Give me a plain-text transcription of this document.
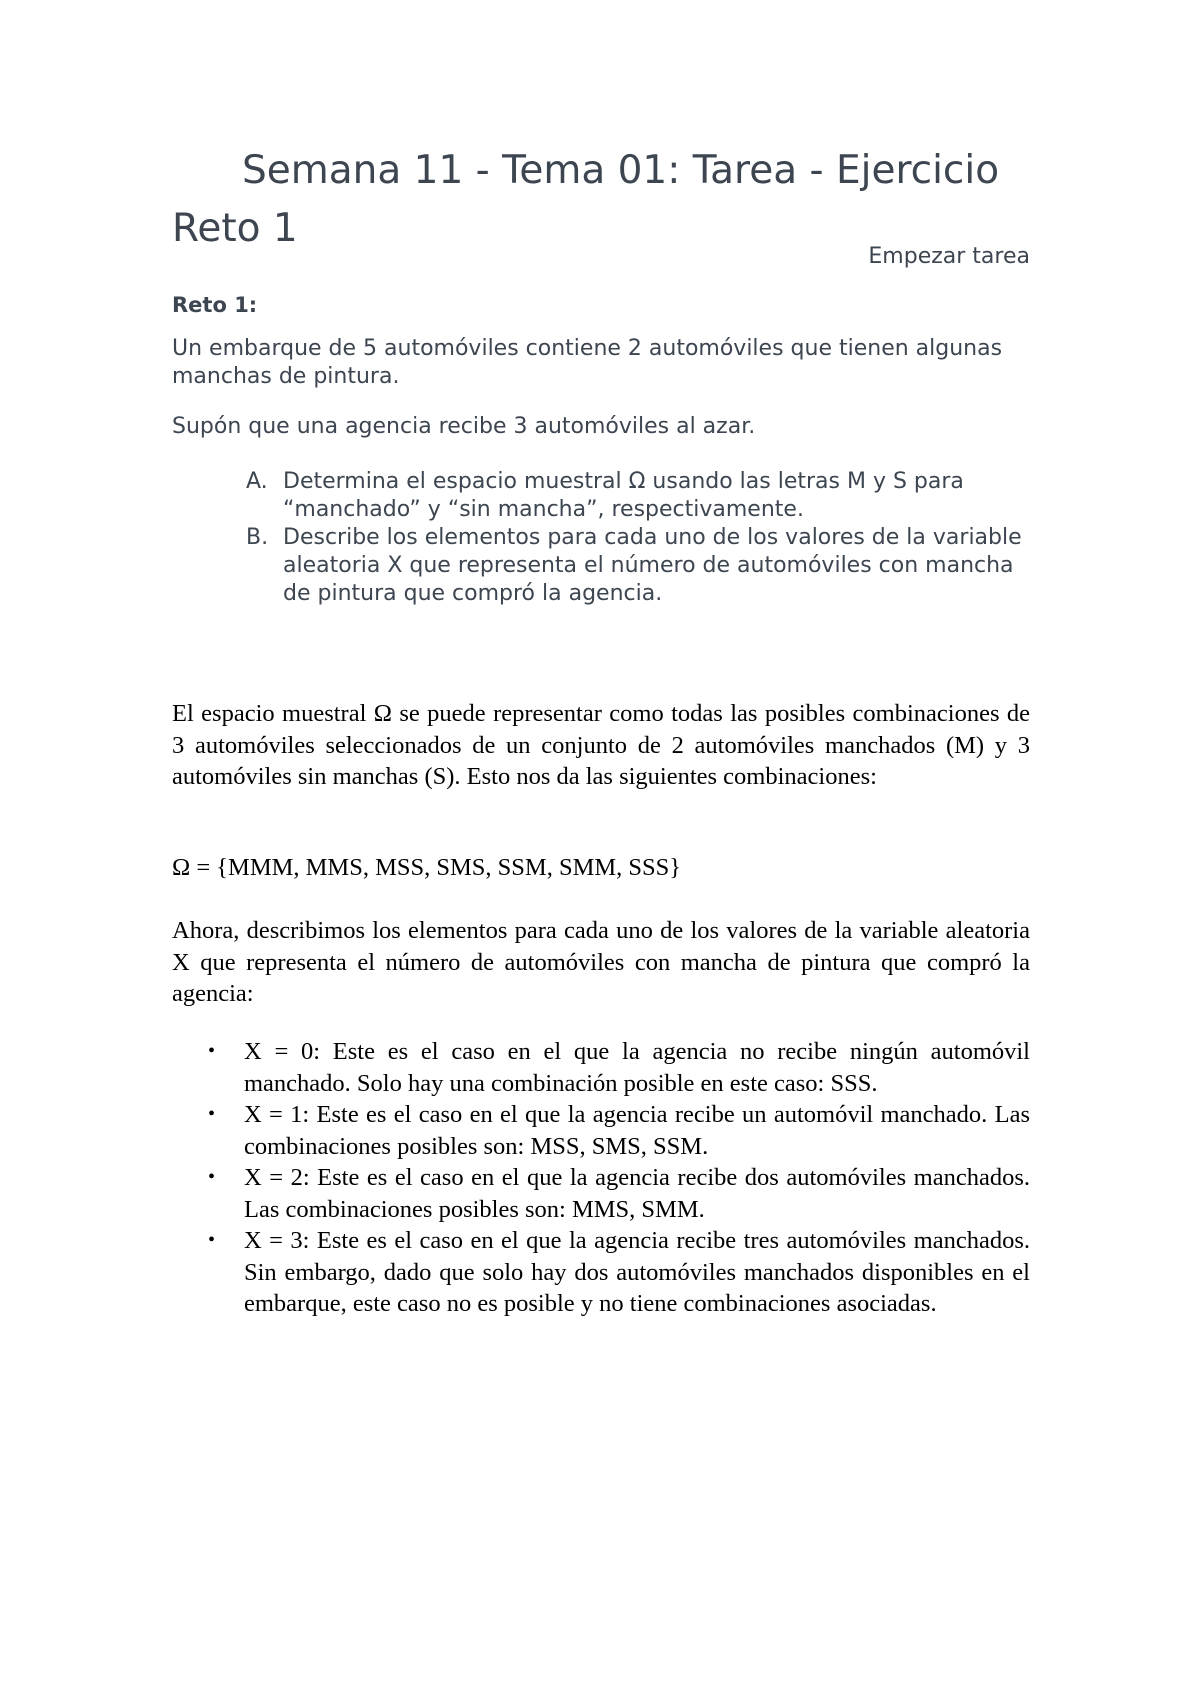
Semana 11 - Tema 01: Tarea - Ejercicio Reto 1
Empezar tarea
Reto 1:

Un embarque de 5 automóviles contiene 2 automóviles que tienen algunas manchas de pintura.

Supón que una agencia recibe 3 automóviles al azar.

A. Determina el espacio muestral Ω usando las letras M y S para “manchado” y “sin mancha”, respectivamente.
B. Describe los elementos para cada uno de los valores de la variable aleatoria X que representa el número de automóviles con mancha de pintura que compró la agencia.

El espacio muestral Ω se puede representar como todas las posibles combinaciones de 3 automóviles seleccionados de un conjunto de 2 automóviles manchados (M) y 3 automóviles sin manchas (S). Esto nos da las siguientes combinaciones:

Ω = {MMM, MMS, MSS, SMS, SSM, SMM, SSS}

Ahora, describimos los elementos para cada uno de los valores de la variable aleatoria X que representa el número de automóviles con mancha de pintura que compró la agencia:

• X = 0: Este es el caso en el que la agencia no recibe ningún automóvil manchado. Solo hay una combinación posible en este caso: SSS.
• X = 1: Este es el caso en el que la agencia recibe un automóvil manchado. Las combinaciones posibles son: MSS, SMS, SSM.
• X = 2: Este es el caso en el que la agencia recibe dos automóviles manchados. Las combinaciones posibles son: MMS, SMM.
• X = 3: Este es el caso en el que la agencia recibe tres automóviles manchados. Sin embargo, dado que solo hay dos automóviles manchados disponibles en el embarque, este caso no es posible y no tiene combinaciones asociadas.
